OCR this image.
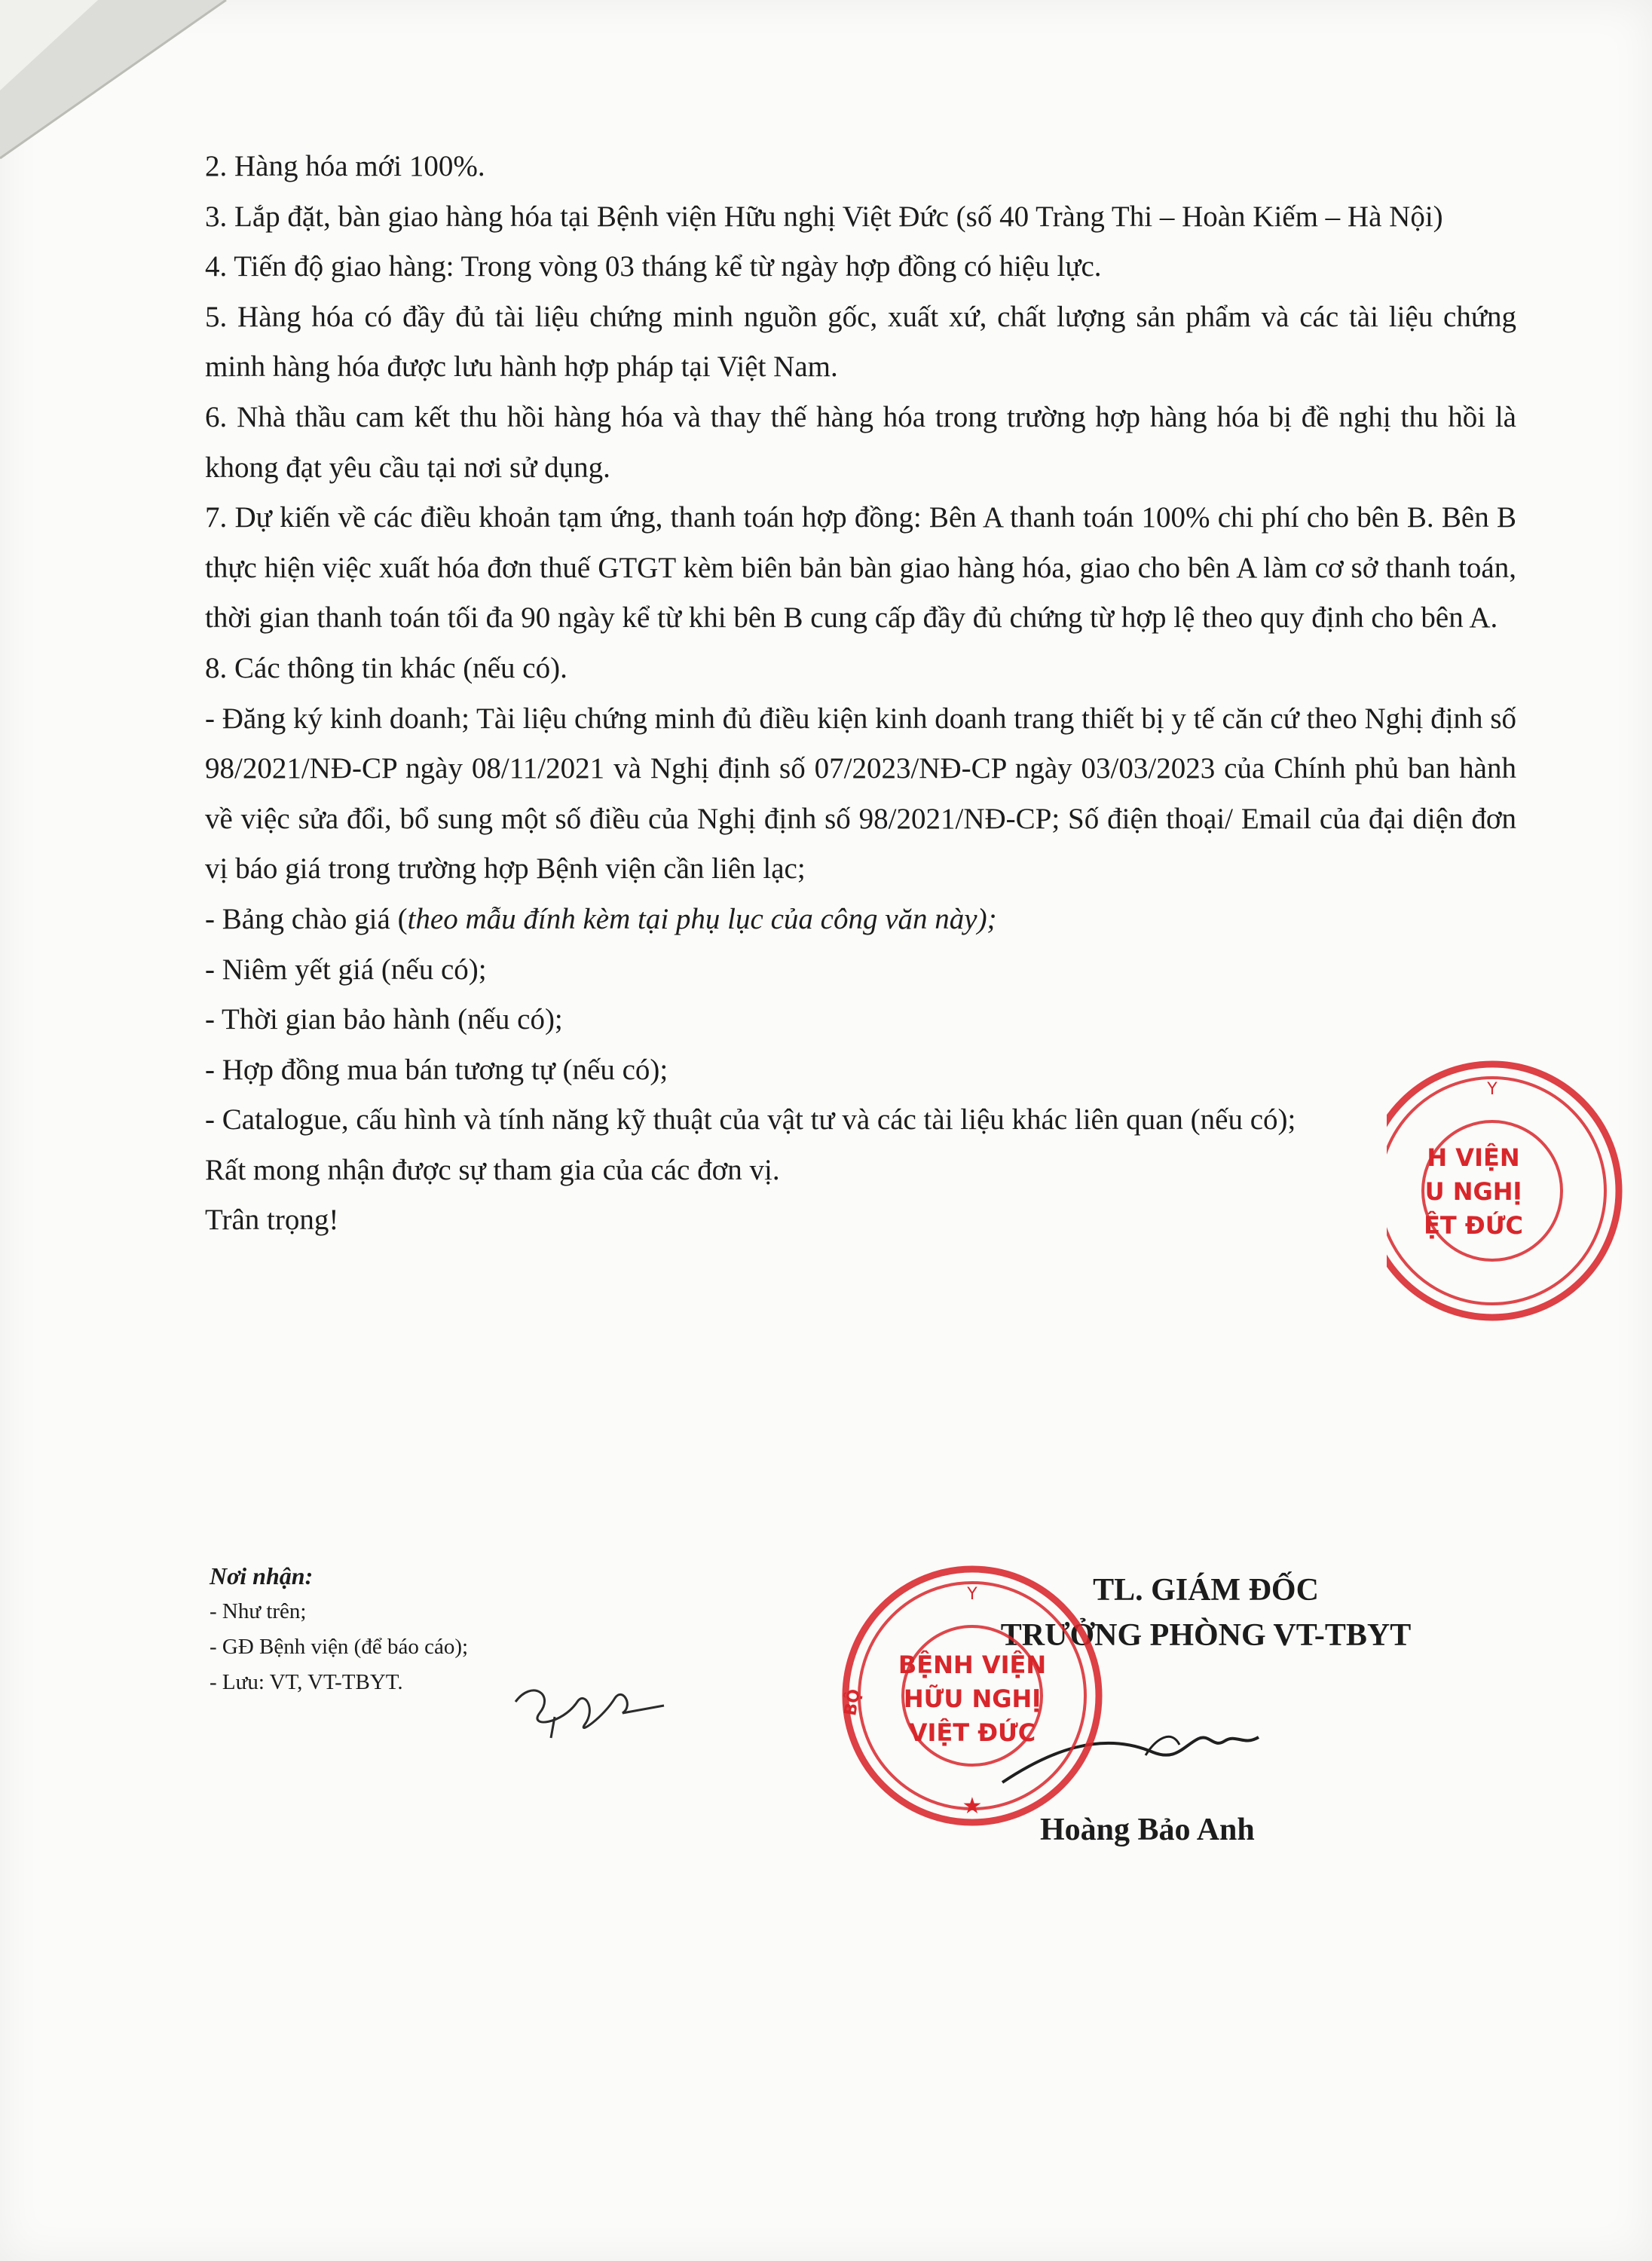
2. Hàng hóa mới 100%.

3. Lắp đặt, bàn giao hàng hóa tại Bệnh viện Hữu nghị Việt Đức (số 40 Tràng Thi – Hoàn Kiếm – Hà Nội)

4. Tiến độ giao hàng: Trong vòng 03 tháng kể từ ngày hợp đồng có hiệu lực.

5. Hàng hóa có đầy đủ tài liệu chứng minh nguồn gốc, xuất xứ, chất lượng sản phẩm và các tài liệu chứng minh hàng hóa được lưu hành hợp pháp tại Việt Nam.

6. Nhà thầu cam kết thu hồi hàng hóa và thay thế hàng hóa trong trường hợp hàng hóa bị đề nghị thu hồi là khong đạt yêu cầu tại nơi sử dụng.

7. Dự kiến về các điều khoản tạm ứng, thanh toán hợp đồng: Bên A thanh toán 100% chi phí cho bên B. Bên B thực hiện việc xuất hóa đơn thuế GTGT kèm biên bản bàn giao hàng hóa, giao cho bên A làm cơ sở thanh toán, thời gian thanh toán tối đa 90 ngày kể từ khi bên B cung cấp đầy đủ chứng từ hợp lệ theo quy định cho bên A.

8. Các thông tin khác (nếu có).

- Đăng ký kinh doanh; Tài liệu chứng minh đủ điều kiện kinh doanh trang thiết bị y tế căn cứ theo Nghị định số 98/2021/NĐ-CP ngày 08/11/2021 và Nghị định số 07/2023/NĐ-CP ngày 03/03/2023 của Chính phủ ban hành về việc sửa đổi, bổ sung một số điều của Nghị định số 98/2021/NĐ-CP; Số điện thoại/ Email của đại diện đơn vị báo giá trong trường hợp Bệnh viện cần liên lạc;

- Bảng chào giá (theo mẫu đính kèm tại phụ lục của công văn này);

- Niêm yết giá (nếu có);

- Thời gian bảo hành (nếu có);

- Hợp đồng mua bán tương tự (nếu có);

- Catalogue, cấu hình và tính năng kỹ thuật của vật tư và các tài liệu khác liên quan (nếu có);

Rất mong nhận được sự tham gia của các đơn vị.

Trân trọng!

Nơi nhận:
- Như trên;
- GĐ Bệnh viện (để báo cáo);
- Lưu: VT, VT-TBYT.
TL. GIÁM ĐỐC
TRƯỞNG PHÒNG VT-TBYT
Hoàng Bảo Anh
BỆNH VIỆN
HỮU NGHỊ
VIỆT ĐỨC
BỘ
★
Y
H VIỆN
U NGHỊ
ỆT ĐỨC
Y
